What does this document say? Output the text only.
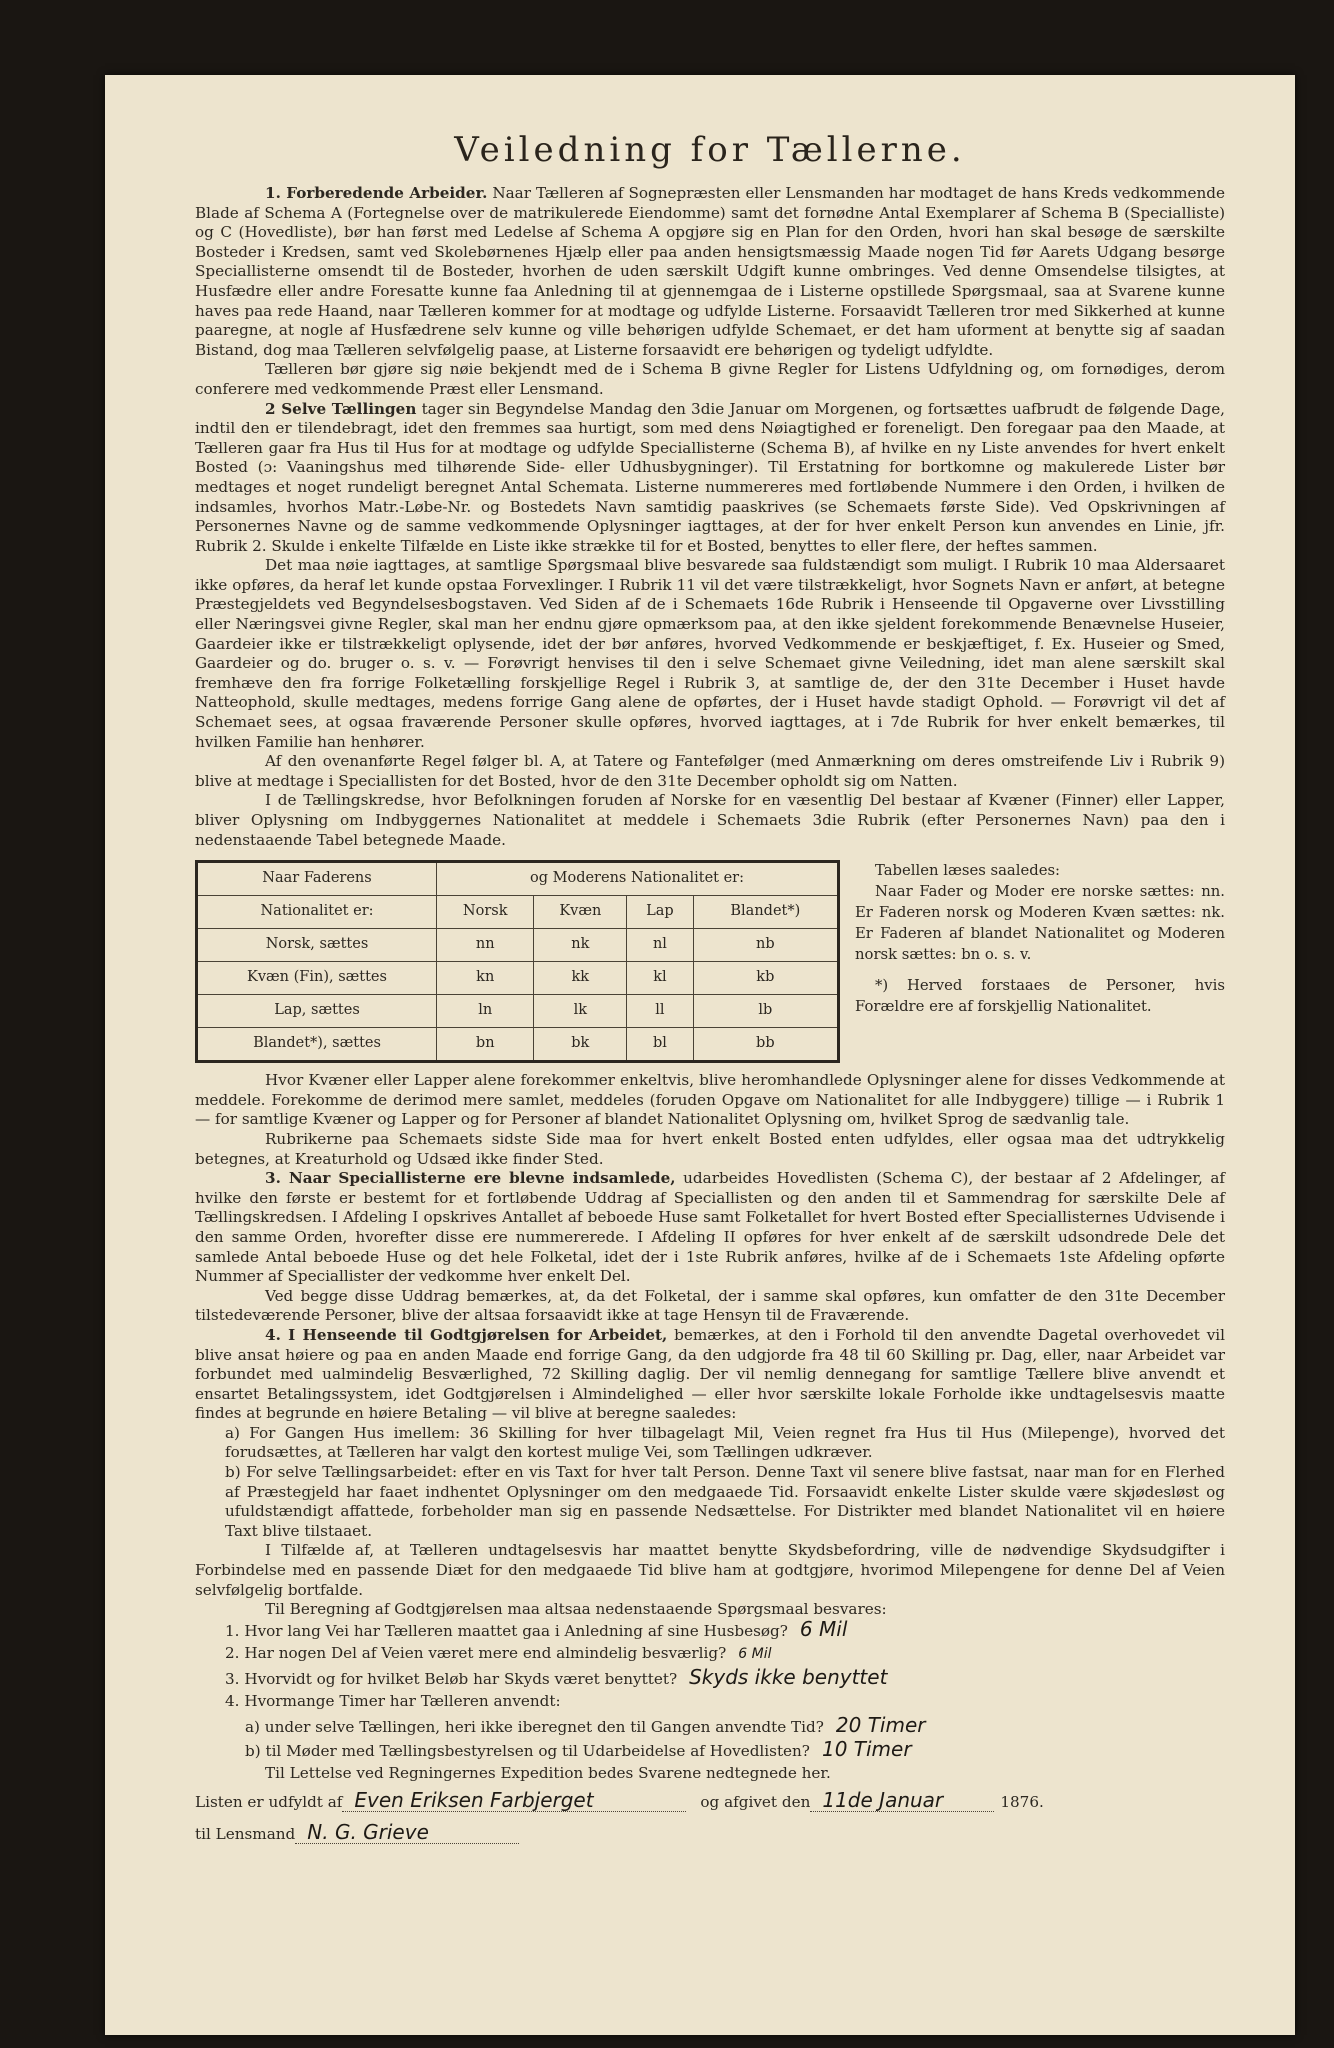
Veiledning for Tællerne.

1. Forberedende Arbeider. Naar Tælleren af Sognepræsten eller Lensmanden har modtaget de hans Kreds vedkommende Blade af Schema A (Fortegnelse over de matrikulerede Eiendomme) samt det fornødne Antal Exemplarer af Schema B (Specialliste) og C (Hovedliste), bør han først med Ledelse af Schema A opgjøre sig en Plan for den Orden, hvori han skal besøge de særskilte Bosteder i Kredsen, samt ved Skolebørnenes Hjælp eller paa anden hensigtsmæssig Maade nogen Tid før Aarets Udgang besørge Speciallisterne omsendt til de Bosteder, hvorhen de uden særskilt Udgift kunne ombringes. Ved denne Omsendelse tilsigtes, at Husfædre eller andre Foresatte kunne faa Anledning til at gjennemgaa de i Listerne opstillede Spørgsmaal, saa at Svarene kunne haves paa rede Haand, naar Tælleren kommer for at modtage og udfylde Listerne. Forsaavidt Tælleren tror med Sikkerhed at kunne paaregne, at nogle af Husfædrene selv kunne og ville behørigen udfylde Schemaet, er det ham uforment at benytte sig af saadan Bistand, dog maa Tælleren selvfølgelig paase, at Listerne forsaavidt ere behørigen og tydeligt udfyldte.

Tælleren bør gjøre sig nøie bekjendt med de i Schema B givne Regler for Listens Udfyldning og, om fornødiges, derom conferere med vedkommende Præst eller Lensmand.

2 Selve Tællingen tager sin Begyndelse Mandag den 3die Januar om Morgenen, og fortsættes uafbrudt de følgende Dage, indtil den er tilendebragt, idet den fremmes saa hurtigt, som med dens Nøiagtighed er foreneligt. Den foregaar paa den Maade, at Tælleren gaar fra Hus til Hus for at modtage og udfylde Speciallisterne (Schema B), af hvilke en ny Liste anvendes for hvert enkelt Bosted (ɔ: Vaaningshus med tilhørende Side- eller Udhusbygninger). Til Erstatning for bortkomne og makulerede Lister bør medtages et noget rundeligt beregnet Antal Schemata. Listerne nummereres med fortløbende Nummere i den Orden, i hvilken de indsamles, hvorhos Matr.-Løbe-Nr. og Bostedets Navn samtidig paaskrives (se Schemaets første Side). Ved Opskrivningen af Personernes Navne og de samme vedkommende Oplysninger iagttages, at der for hver enkelt Person kun anvendes en Linie, jfr. Rubrik 2. Skulde i enkelte Tilfælde en Liste ikke strække til for et Bosted, benyttes to eller flere, der heftes sammen.

Det maa nøie iagttages, at samtlige Spørgsmaal blive besvarede saa fuldstændigt som muligt. I Rubrik 10 maa Aldersaaret ikke opføres, da heraf let kunde opstaa Forvexlinger. I Rubrik 11 vil det være tilstrækkeligt, hvor Sognets Navn er anført, at betegne Præstegjeldets ved Begyndelsesbogstaven. Ved Siden af de i Schemaets 16de Rubrik i Henseende til Opgaverne over Livsstilling eller Næringsvei givne Regler, skal man her endnu gjøre opmærksom paa, at den ikke sjeldent forekommende Benævnelse Huseier, Gaardeier ikke er tilstrækkeligt oplysende, idet der bør anføres, hvorved Vedkommende er beskjæftiget, f. Ex. Huseier og Smed, Gaardeier og do. bruger o. s. v. — Forøvrigt henvises til den i selve Schemaet givne Veiledning, idet man alene særskilt skal fremhæve den fra forrige Folketælling forskjellige Regel i Rubrik 3, at samtlige de, der den 31te December i Huset havde Natteophold, skulle medtages, medens forrige Gang alene de opførtes, der i Huset havde stadigt Ophold. — Forøvrigt vil det af Schemaet sees, at ogsaa fraværende Personer skulle opføres, hvorved iagttages, at i 7de Rubrik for hver enkelt bemærkes, til hvilken Familie han henhører.

Af den ovenanførte Regel følger bl. A, at Tatere og Fantefølger (med Anmærkning om deres omstreifende Liv i Rubrik 9) blive at medtage i Speciallisten for det Bosted, hvor de den 31te December opholdt sig om Natten.

I de Tællingskredse, hvor Befolkningen foruden af Norske for en væsentlig Del bestaar af Kvæner (Finner) eller Lapper, bliver Oplysning om Indbyggernes Nationalitet at meddele i Schemaets 3die Rubrik (efter Personernes Navn) paa den i nedenstaaende Tabel betegnede Maade.

Naar Faderens	og Moderens Nationalitet er:			
Nationalitet er:	Norsk	Kvæn	Lap	Blandet*)
Norsk, sættes	nn	nk	nl	nb
Kvæn (Fin), sættes	kn	kk	kl	kb
Lap, sættes	ln	lk	ll	lb
Blandet*), sættes	bn	bk	bl	bb

Tabellen læses saaledes:

Naar Fader og Moder ere norske sættes: nn. Er Faderen norsk og Moderen Kvæn sættes: nk. Er Faderen af blandet Nationalitet og Moderen norsk sættes: bn o. s. v.

*) Herved forstaaes de Personer, hvis Forældre ere af forskjellig Nationalitet.

Hvor Kvæner eller Lapper alene forekommer enkeltvis, blive heromhandlede Oplysninger alene for disses Vedkommende at meddele. Forekomme de derimod mere samlet, meddeles (foruden Opgave om Nationalitet for alle Indbyggere) tillige — i Rubrik 1 — for samtlige Kvæner og Lapper og for Personer af blandet Nationalitet Oplysning om, hvilket Sprog de sædvanlig tale.

Rubrikerne paa Schemaets sidste Side maa for hvert enkelt Bosted enten udfyldes, eller ogsaa maa det udtrykkelig betegnes, at Kreaturhold og Udsæd ikke finder Sted.

3. Naar Speciallisterne ere blevne indsamlede, udarbeides Hovedlisten (Schema C), der bestaar af 2 Afdelinger, af hvilke den første er bestemt for et fortløbende Uddrag af Speciallisten og den anden til et Sammendrag for særskilte Dele af Tællingskredsen. I Afdeling I opskrives Antallet af beboede Huse samt Folketallet for hvert Bosted efter Speciallisternes Udvisende i den samme Orden, hvorefter disse ere nummererede. I Afdeling II opføres for hver enkelt af de særskilt udsondrede Dele det samlede Antal beboede Huse og det hele Folketal, idet der i 1ste Rubrik anføres, hvilke af de i Schemaets 1ste Afdeling opførte Nummer af Speciallister der vedkomme hver enkelt Del.

Ved begge disse Uddrag bemærkes, at, da det Folketal, der i samme skal opføres, kun omfatter de den 31te December tilstedeværende Personer, blive der altsaa forsaavidt ikke at tage Hensyn til de Fraværende.

4. I Henseende til Godtgjørelsen for Arbeidet, bemærkes, at den i Forhold til den anvendte Dagetal overhovedet vil blive ansat høiere og paa en anden Maade end forrige Gang, da den udgjorde fra 48 til 60 Skilling pr. Dag, eller, naar Arbeidet var forbundet med ualmindelig Besværlighed, 72 Skilling daglig. Der vil nemlig dennegang for samtlige Tællere blive anvendt et ensartet Betalingssystem, idet Godtgjørelsen i Almindelighed — eller hvor særskilte lokale Forholde ikke undtagelsesvis maatte findes at begrunde en høiere Betaling — vil blive at beregne saaledes:

a) For Gangen Hus imellem: 36 Skilling for hver tilbagelagt Mil, Veien regnet fra Hus til Hus (Milepenge), hvorved det forudsættes, at Tælleren har valgt den kortest mulige Vei, som Tællingen udkræver.

b) For selve Tællingsarbeidet: efter en vis Taxt for hver talt Person. Denne Taxt vil senere blive fastsat, naar man for en Flerhed af Præstegjeld har faaet indhentet Oplysninger om den medgaaede Tid. Forsaavidt enkelte Lister skulde være skjødesløst og ufuldstændigt affattede, forbeholder man sig en passende Nedsættelse. For Distrikter med blandet Nationalitet vil en høiere Taxt blive tilstaaet.

I Tilfælde af, at Tælleren undtagelsesvis har maattet benytte Skydsbefordring, ville de nødvendige Skydsudgifter i Forbindelse med en passende Diæt for den medgaaede Tid blive ham at godtgjøre, hvorimod Milepengene for denne Del af Veien selvfølgelig bortfalde.

Til Beregning af Godtgjørelsen maa altsaa nedenstaaende Spørgsmaal besvares:

1. Hvor lang Vei har Tælleren maattet gaa i Anledning af sine Husbesøg? 6 Mil
2. Har nogen Del af Veien været mere end almindelig besværlig? 6 Mil
3. Hvorvidt og for hvilket Beløb har Skyds været benyttet? Skyds ikke benyttet
4. Hvormange Timer har Tælleren anvendt:
a) under selve Tællingen, heri ikke iberegnet den til Gangen anvendte Tid? 20 Timer
b) til Møder med Tællingsbestyrelsen og til Udarbeidelse af Hovedlisten? 10 Timer

Til Lettelse ved Regningernes Expedition bedes Svarene nedtegnede her.

Listen er udfyldt af Even Eriksen Farbjerget	og afgivet den 11de Januar	1876.
til Lensmand N. G. Grieve
